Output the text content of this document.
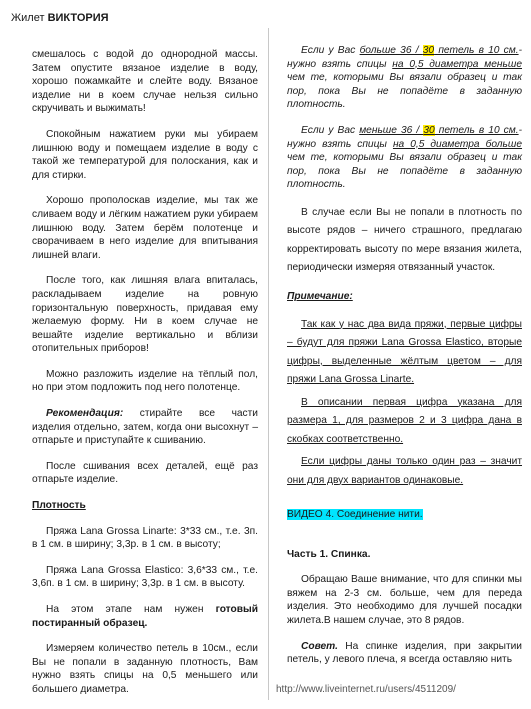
Жилет ВИКТОРИЯ

смешалось с водой до однородной массы. Затем опустите вязаное изделие в воду, хорошо пожамкайте и слейте воду. Вязаное изделие ни в коем случае нельзя сильно скручивать и выжимать!

Спокойным нажатием руки мы убираем лишнюю воду и помещаем изделие в воду с такой же температурой для полоскания, как и для стирки.

Хорошо прополоскав изделие, мы так же сливаем воду и лёгким нажатием руки убираем лишнюю воду. Затем берём полотенце и сворачиваем в него изделие для впитывания лишней влаги.

После того, как лишняя влага впиталась, раскладываем изделие на ровную горизонтальную поверхность, придавая ему желаемую форму. Ни в коем случае не вешайте изделие вертикально и вблизи отопительных приборов!

Можно разложить изделие на тёплый пол, но при этом подложить под него полотенце.

Рекомендация: стирайте все части изделия отдельно, затем, когда они высохнут – отпарьте и приступайте к сшиванию.

После сшивания всех деталей, ещё раз отпарьте изделие.

Плотность

Пряжа Lana Grossa Linarte: 3*33 см., т.е. 3п. в 1 см. в ширину; 3,3р. в 1 см. в высоту;

Пряжа Lana Grossa Elastico: 3,6*33 см., т.е. 3,6п. в 1 см. в ширину; 3,3р. в 1 см. в высоту.

На этом этапе нам нужен готовый постиранный образец.

Измеряем количество петель в 10см., если Вы не попали в заданную плотность, Вам нужно взять спицы на 0,5 меньшего или большего диаметра.

Если у Вас больше 36 / 30 петель в 10 см.- нужно взять спицы на 0,5 диаметра меньше чем те, которыми Вы вязали образец и так пор, пока Вы не попадёте в заданную плотность.

Если у Вас меньше 36 / 30 петель в 10 см.- нужно взять спицы на 0,5 диаметра больше чем те, которыми Вы вязали образец и так пор, пока Вы не попадёте в заданную плотность.

В случае если Вы не попали в плотность по высоте рядов – ничего страшного, предлагаю корректировать высоту по мере вязания жилета, периодически измеряя отвязанный участок.

Примечание:

Так как у нас два вида пряжи, первые цифры – будут для пряжи Lana Grossa Elastico, вторые цифры, выделенные жёлтым цветом – для пряжи Lana Grossa Linarte.

В описании первая цифра указана для размера 1, для размеров 2 и 3 цифра дана в скобках соответственно.

Если цифры даны только один раз – значит они для двух вариантов одинаковые.

ВИДЕО 4. Соединение нити.

Часть 1. Спинка.

Обращаю Ваше внимание, что для спинки мы вяжем на 2-3 см. больше, чем для переда изделия. Это необходимо для лучшей посадки жилета.В нашем случае, это 8 рядов.

Совет. На спинке изделия, при закрытии петель, у левого плеча, я всегда оставляю нить

http://www.liveinternet.ru/users/4511209/
